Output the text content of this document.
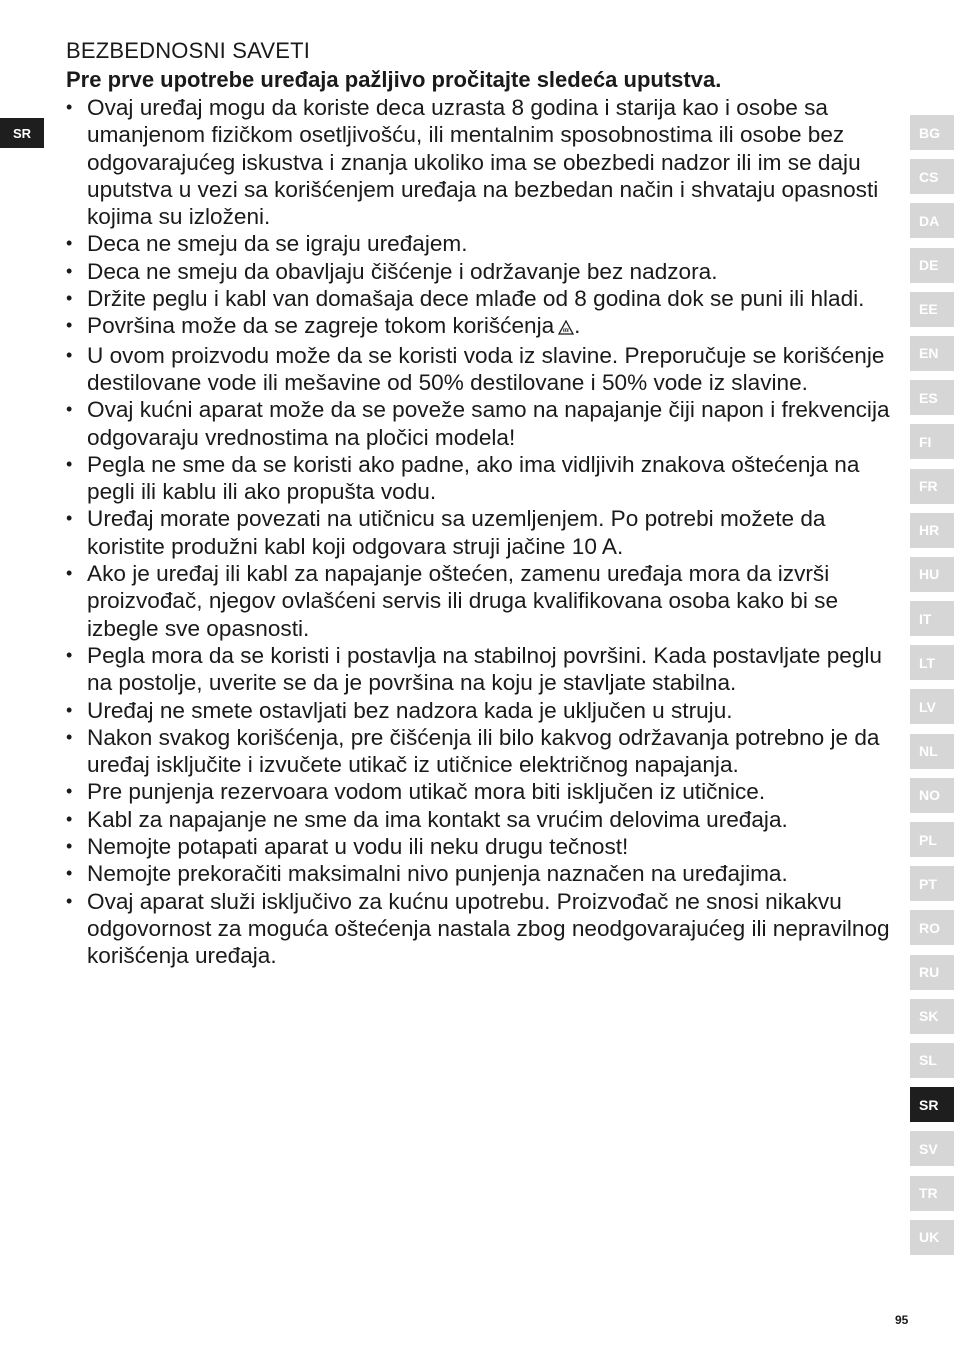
SR
BEZBEDNOSNI SAVETI

Pre prve upotrebe uređaja pažljivo pročitajte sledeća uputstva.

• Ovaj uređaj mogu da koriste deca uzrasta 8 godina i starija kao i osobe sa umanjenom fizičkom osetljivošću, ili mentalnim sposobnostima ili osobe bez odgovarajućeg iskustva i znanja ukoliko ima se obezbedi nadzor ili im se daju uputstva u vezi sa korišćenjem uređaja na bezbedan način i shvataju opasnosti kojima su izloženi.
• Deca ne smeju da se igraju uređajem.
• Deca ne smeju da obavljaju čišćenje i održavanje bez nadzora.
• Držite peglu i kabl van domašaja dece mlađe od 8 godina dok se puni ili hladi.
• Površina može da se zagreje tokom korišćenja .
• U ovom proizvodu može da se koristi voda iz slavine. Preporučuje se korišćenje destilovane vode ili mešavine od 50% destilovane i 50% vode iz slavine.
• Ovaj kućni aparat može da se poveže samo na napajanje čiji napon i frekvencija odgovaraju vrednostima na pločici modela!
• Pegla ne sme da se koristi ako padne, ako ima vidljivih znakova oštećenja na pegli ili kablu ili ako propušta vodu.
• Uređaj morate povezati na utičnicu sa uzemljenjem. Po potrebi možete da koristite produžni kabl koji odgovara struji jačine 10 A.
• Ako je uređaj ili kabl za napajanje oštećen, zamenu uređaja mora da izvrši proizvođač, njegov ovlašćeni servis ili druga kvalifikovana osoba kako bi se izbegle sve opasnosti.
• Pegla mora da se koristi i postavlja na stabilnoj površini. Kada postavljate peglu na postolje, uverite se da je površina na koju je stavljate stabilna.
• Uređaj ne smete ostavljati bez nadzora kada je uključen u struju.
• Nakon svakog korišćenja, pre čišćenja ili bilo kakvog održavanja potrebno je da uređaj isključite i izvučete utikač iz utičnice električnog napajanja.
• Pre punjenja rezervoara vodom utikač mora biti isključen iz utičnice.
• Kabl za napajanje ne sme da ima kontakt sa vrućim delovima uređaja.
• Nemojte potapati aparat u vodu ili neku drugu tečnost!
• Nemojte prekoračiti maksimalni nivo punjenja naznačen na uređajima.
• Ovaj aparat služi isključivo za kućnu upotrebu. Proizvođač ne snosi nikakvu odgovornost za moguća oštećenja nastala zbog neodgovarajućeg ili nepravilnog korišćenja uređaja.
BG
CS
DA
DE
EE
EN
ES
FI
FR
HR
HU
IT
LT
LV
NL
NO
PL
PT
RO
RU
SK
SL
SR
SV
TR
UK
95
